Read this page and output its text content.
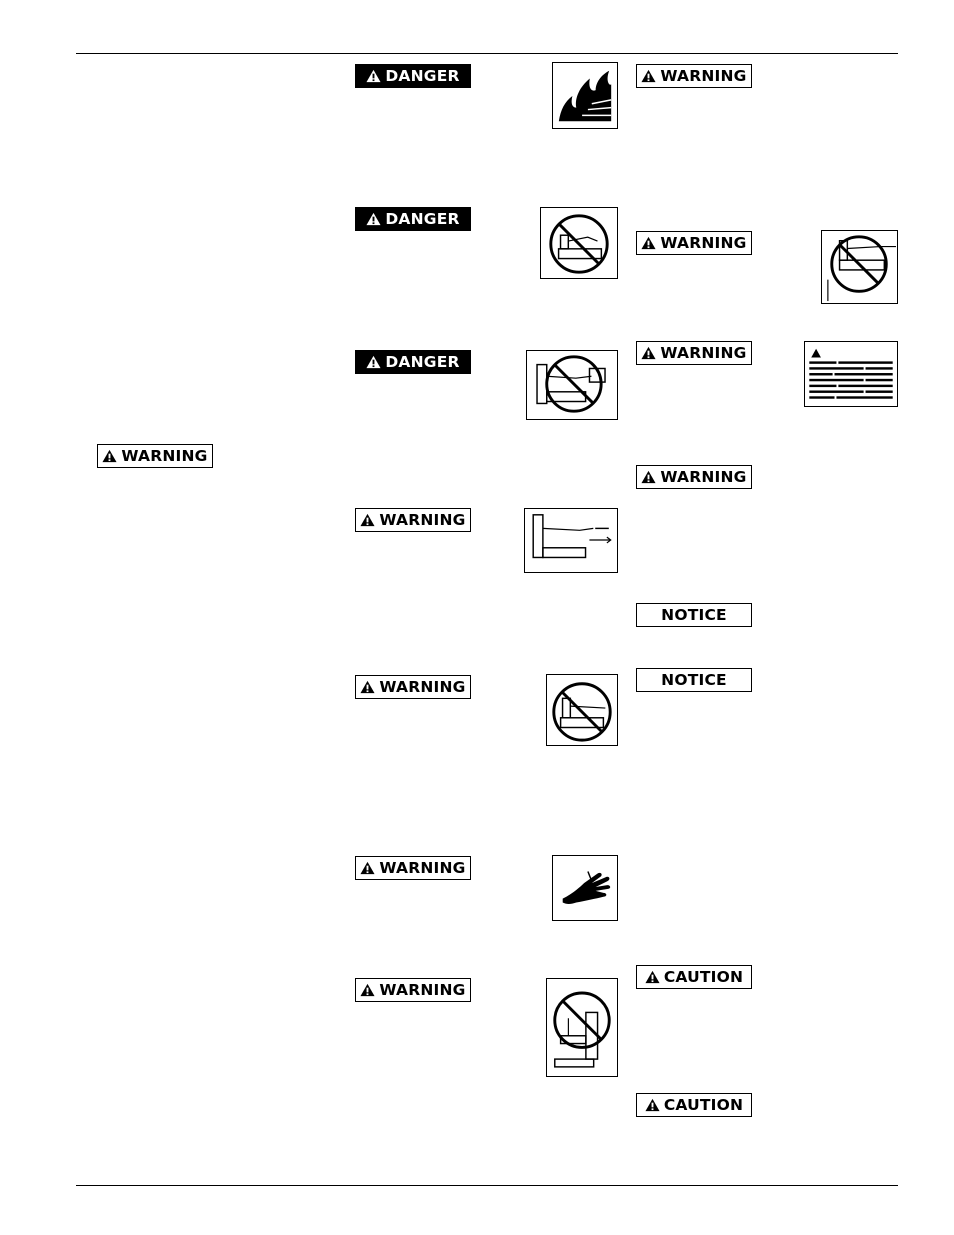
WARNING
DANGER
DANGER
DANGER
WARNING
WARNING
WARNING
WARNING
WARNING
WARNING
WARNING
WARNING
NOTICE
NOTICE
CAUTION
CAUTION
